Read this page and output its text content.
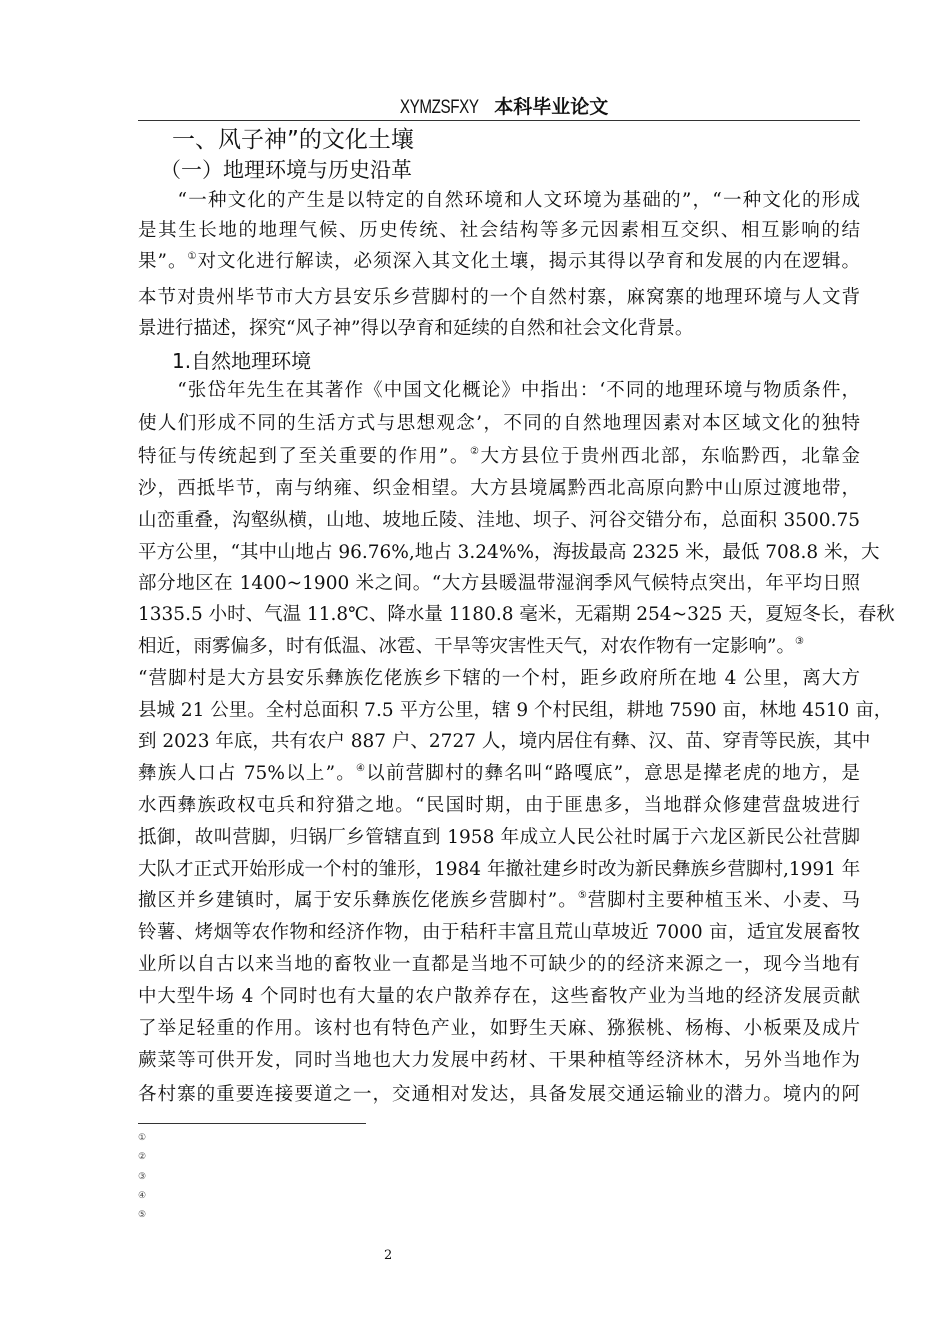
XYMZSFXY 本科毕业论文
一、风子神”的文化土壤
（一）地理环境与历史沿革
1.自然地理环境
　　“一种文化的产生是以特定的自然环境和人文环境为基础的”，“一种文化的形成
是其生长地的地理气候、历史传统、社会结构等多元因素相互交织、相互影响的结
果”。①对文化进行解读，必须深入其文化土壤，揭示其得以孕育和发展的内在逻辑。
本节对贵州毕节市大方县安乐乡营脚村的一个自然村寨，麻窝寨的地理环境与人文背
景进行描述，探究“风子神”得以孕育和延续的自然和社会文化背景。
　　“张岱年先生在其著作《中国文化概论》中指出：‘不同的地理环境与物质条件，
使人们形成不同的生活方式与思想观念’，不同的自然地理因素对本区域文化的独特
特征与传统起到了至关重要的作用”。②大方县位于贵州西北部，东临黔西，北靠金
沙，西抵毕节，南与纳雍、织金相望。大方县境属黔西北高原向黔中山原过渡地带，
山峦重叠，沟壑纵横，山地、坡地丘陵、洼地、坝子、河谷交错分布，总面积 3500.75
平方公里，“其中山地占 96.76%,地占 3.24%%，海拔最高 2325 米，最低 708.8 米，大
部分地区在 1400~1900 米之间。“大方县暖温带湿润季风气候特点突出，年平均日照
1335.5 小时、气温 11.8℃、降水量 1180.8 毫米，无霜期 254~325 天，夏短冬长，春秋
相近，雨雾偏多，时有低温、冰雹、干旱等灾害性天气，对农作物有一定影响”。③
“营脚村是大方县安乐彝族仡佬族乡下辖的一个村，距乡政府所在地 4 公里，离大方
县城 21 公里。全村总面积 7.5 平方公里，辖 9 个村民组，耕地 7590 亩，林地 4510 亩，
到 2023 年底，共有农户 887 户、2727 人，境内居住有彝、汉、苗、穿青等民族，其中
彝族人口占 75%以上”。④以前营脚村的彝名叫“路嘎底”，意思是撵老虎的地方，是
水西彝族政权屯兵和狩猎之地。“民国时期，由于匪患多，当地群众修建营盘坡进行
抵御，故叫营脚，归锅厂乡管辖直到 1958 年成立人民公社时属于六龙区新民公社营脚
大队才正式开始形成一个村的雏形，1984 年撤社建乡时改为新民彝族乡营脚村,1991 年
撤区并乡建镇时，属于安乐彝族仡佬族乡营脚村”。⑤营脚村主要种植玉米、小麦、马
铃薯、烤烟等农作物和经济作物，由于秸秆丰富且荒山草坡近 7000 亩，适宜发展畜牧
业所以自古以来当地的畜牧业一直都是当地不可缺少的的经济来源之一，现今当地有
中大型牛场 4 个同时也有大量的农户散养存在，这些畜牧产业为当地的经济发展贡献
了举足轻重的作用。该村也有特色产业，如野生天麻、猕猴桃、杨梅、小板栗及成片
蕨菜等可供开发，同时当地也大力发展中药材、干果种植等经济林木，另外当地作为
各村寨的重要连接要道之一，交通相对发达，具备发展交通运输业的潜力。境内的阿
①
②
③
④
⑤
2
